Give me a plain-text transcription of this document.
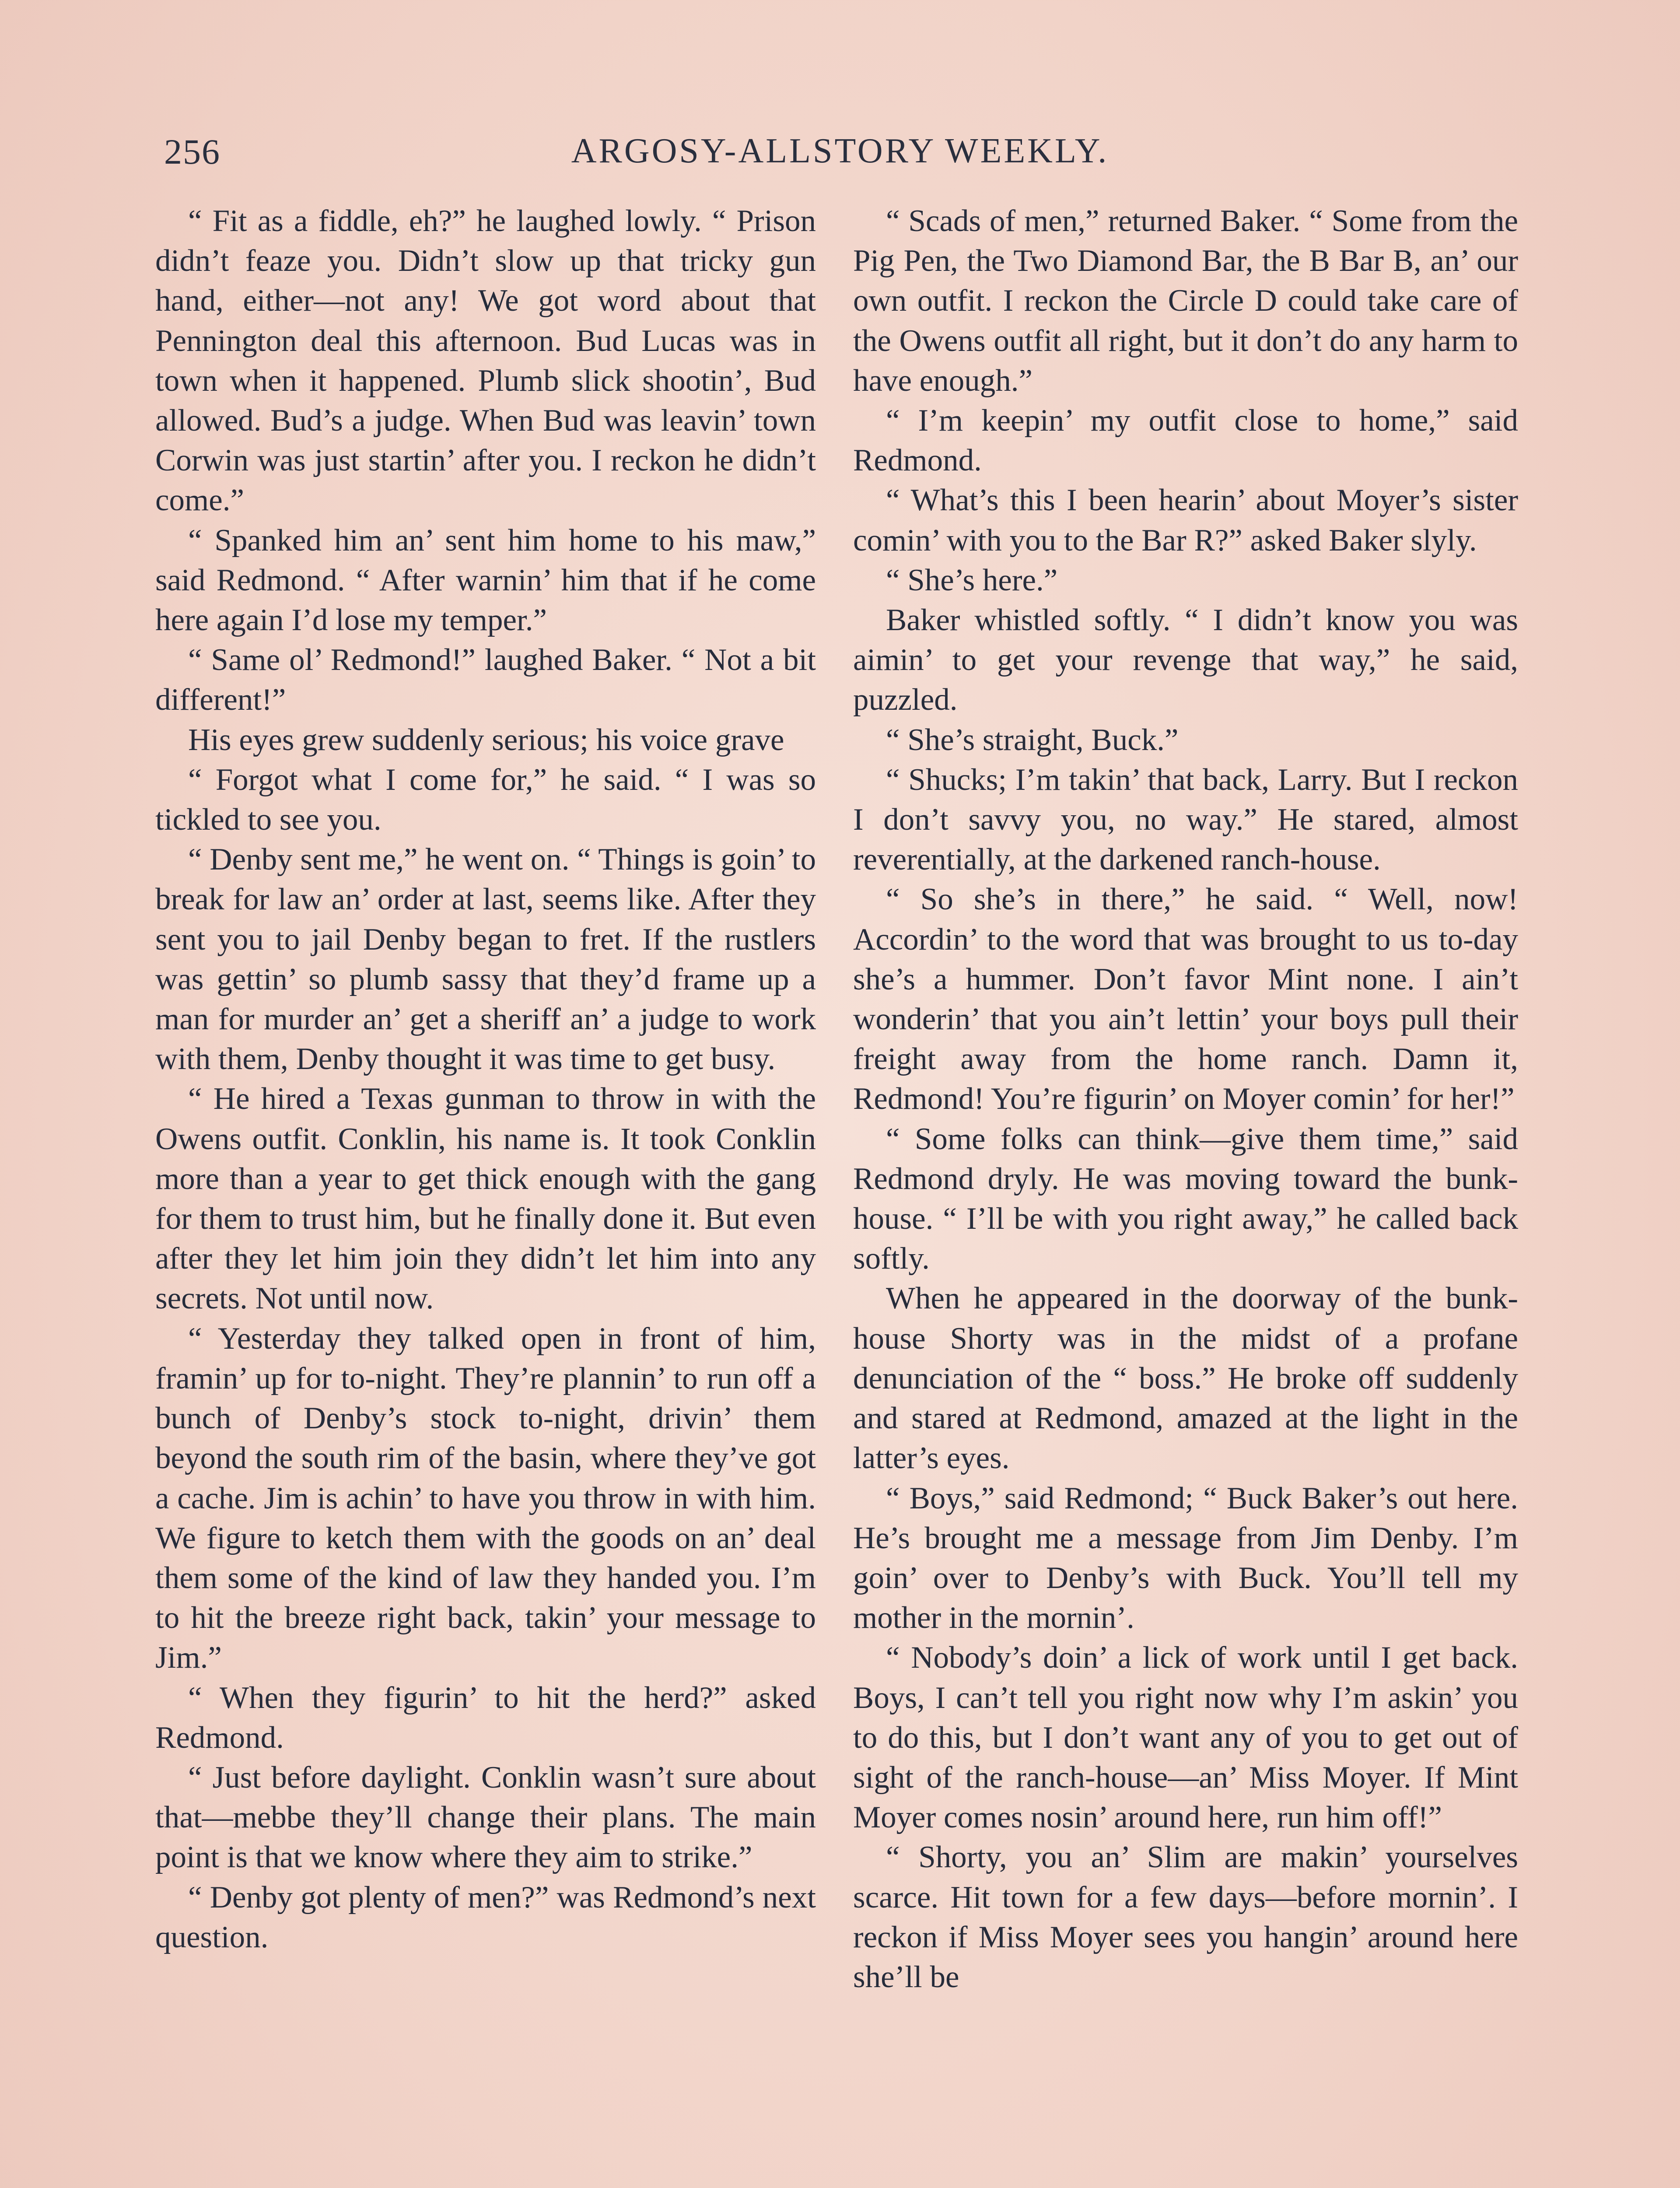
256	ARGOSY-ALLSTORY WEEKLY.

“ Fit as a fiddle, eh?” he laughed lowly. “ Prison didn’t feaze you. Didn’t slow up that tricky gun hand, either—not any! We got word about that Pennington deal this afternoon. Bud Lucas was in town when it happened. Plumb slick shootin’, Bud allowed. Bud’s a judge. When Bud was leavin’ town Corwin was just startin’ after you. I reckon he didn’t come.”

“ Spanked him an’ sent him home to his maw,” said Redmond. “ After warnin’ him that if he come here again I’d lose my temper.”

“ Same ol’ Redmond!” laughed Baker. “ Not a bit different!”

His eyes grew suddenly serious; his voice grave

“ Forgot what I come for,” he said. “ I was so tickled to see you.

“ Denby sent me,” he went on. “ Things is goin’ to break for law an’ order at last, seems like. After they sent you to jail Denby began to fret. If the rustlers was gettin’ so plumb sassy that they’d frame up a man for murder an’ get a sheriff an’ a judge to work with them, Denby thought it was time to get busy.

“ He hired a Texas gunman to throw in with the Owens outfit. Conklin, his name is. It took Conklin more than a year to get thick enough with the gang for them to trust him, but he finally done it. But even after they let him join they didn’t let him into any secrets. Not until now.

“ Yesterday they talked open in front of him, framin’ up for to-night. They’re plannin’ to run off a bunch of Denby’s stock to-night, drivin’ them beyond the south rim of the basin, where they’ve got a cache. Jim is achin’ to have you throw in with him. We figure to ketch them with the goods on an’ deal them some of the kind of law they handed you. I’m to hit the breeze right back, takin’ your message to Jim.”

“ When they figurin’ to hit the herd?” asked Redmond.

“ Just before daylight. Conklin wasn’t sure about that—mebbe they’ll change their plans. The main point is that we know where they aim to strike.”

“ Denby got plenty of men?” was Redmond’s next question.

“ Scads of men,” returned Baker. “ Some from the Pig Pen, the Two Diamond Bar, the B Bar B, an’ our own outfit. I reckon the Circle D could take care of the Owens outfit all right, but it don’t do any harm to have enough.”

“ I’m keepin’ my outfit close to home,” said Redmond.

“ What’s this I been hearin’ about Moyer’s sister comin’ with you to the Bar R?” asked Baker slyly.

“ She’s here.”

Baker whistled softly. “ I didn’t know you was aimin’ to get your revenge that way,” he said, puzzled.

“ She’s straight, Buck.”

“ Shucks; I’m takin’ that back, Larry. But I reckon I don’t savvy you, no way.” He stared, almost reverentially, at the darkened ranch-house.

“ So she’s in there,” he said. “ Well, now! Accordin’ to the word that was brought to us to-day she’s a hummer. Don’t favor Mint none. I ain’t wonderin’ that you ain’t lettin’ your boys pull their freight away from the home ranch. Damn it, Redmond! You’re figurin’ on Moyer comin’ for her!”

“ Some folks can think—give them time,” said Redmond dryly. He was moving toward the bunk-house. “ I’ll be with you right away,” he called back softly.

When he appeared in the doorway of the bunk-house Shorty was in the midst of a profane denunciation of the “ boss.” He broke off suddenly and stared at Redmond, amazed at the light in the latter’s eyes.

“ Boys,” said Redmond; “ Buck Baker’s out here. He’s brought me a message from Jim Denby. I’m goin’ over to Denby’s with Buck. You’ll tell my mother in the mornin’.

“ Nobody’s doin’ a lick of work until I get back. Boys, I can’t tell you right now why I’m askin’ you to do this, but I don’t want any of you to get out of sight of the ranch-house—an’ Miss Moyer. If Mint Moyer comes nosin’ around here, run him off!”

“ Shorty, you an’ Slim are makin’ yourselves scarce. Hit town for a few days—before mornin’. I reckon if Miss Moyer sees you hangin’ around here she’ll be
